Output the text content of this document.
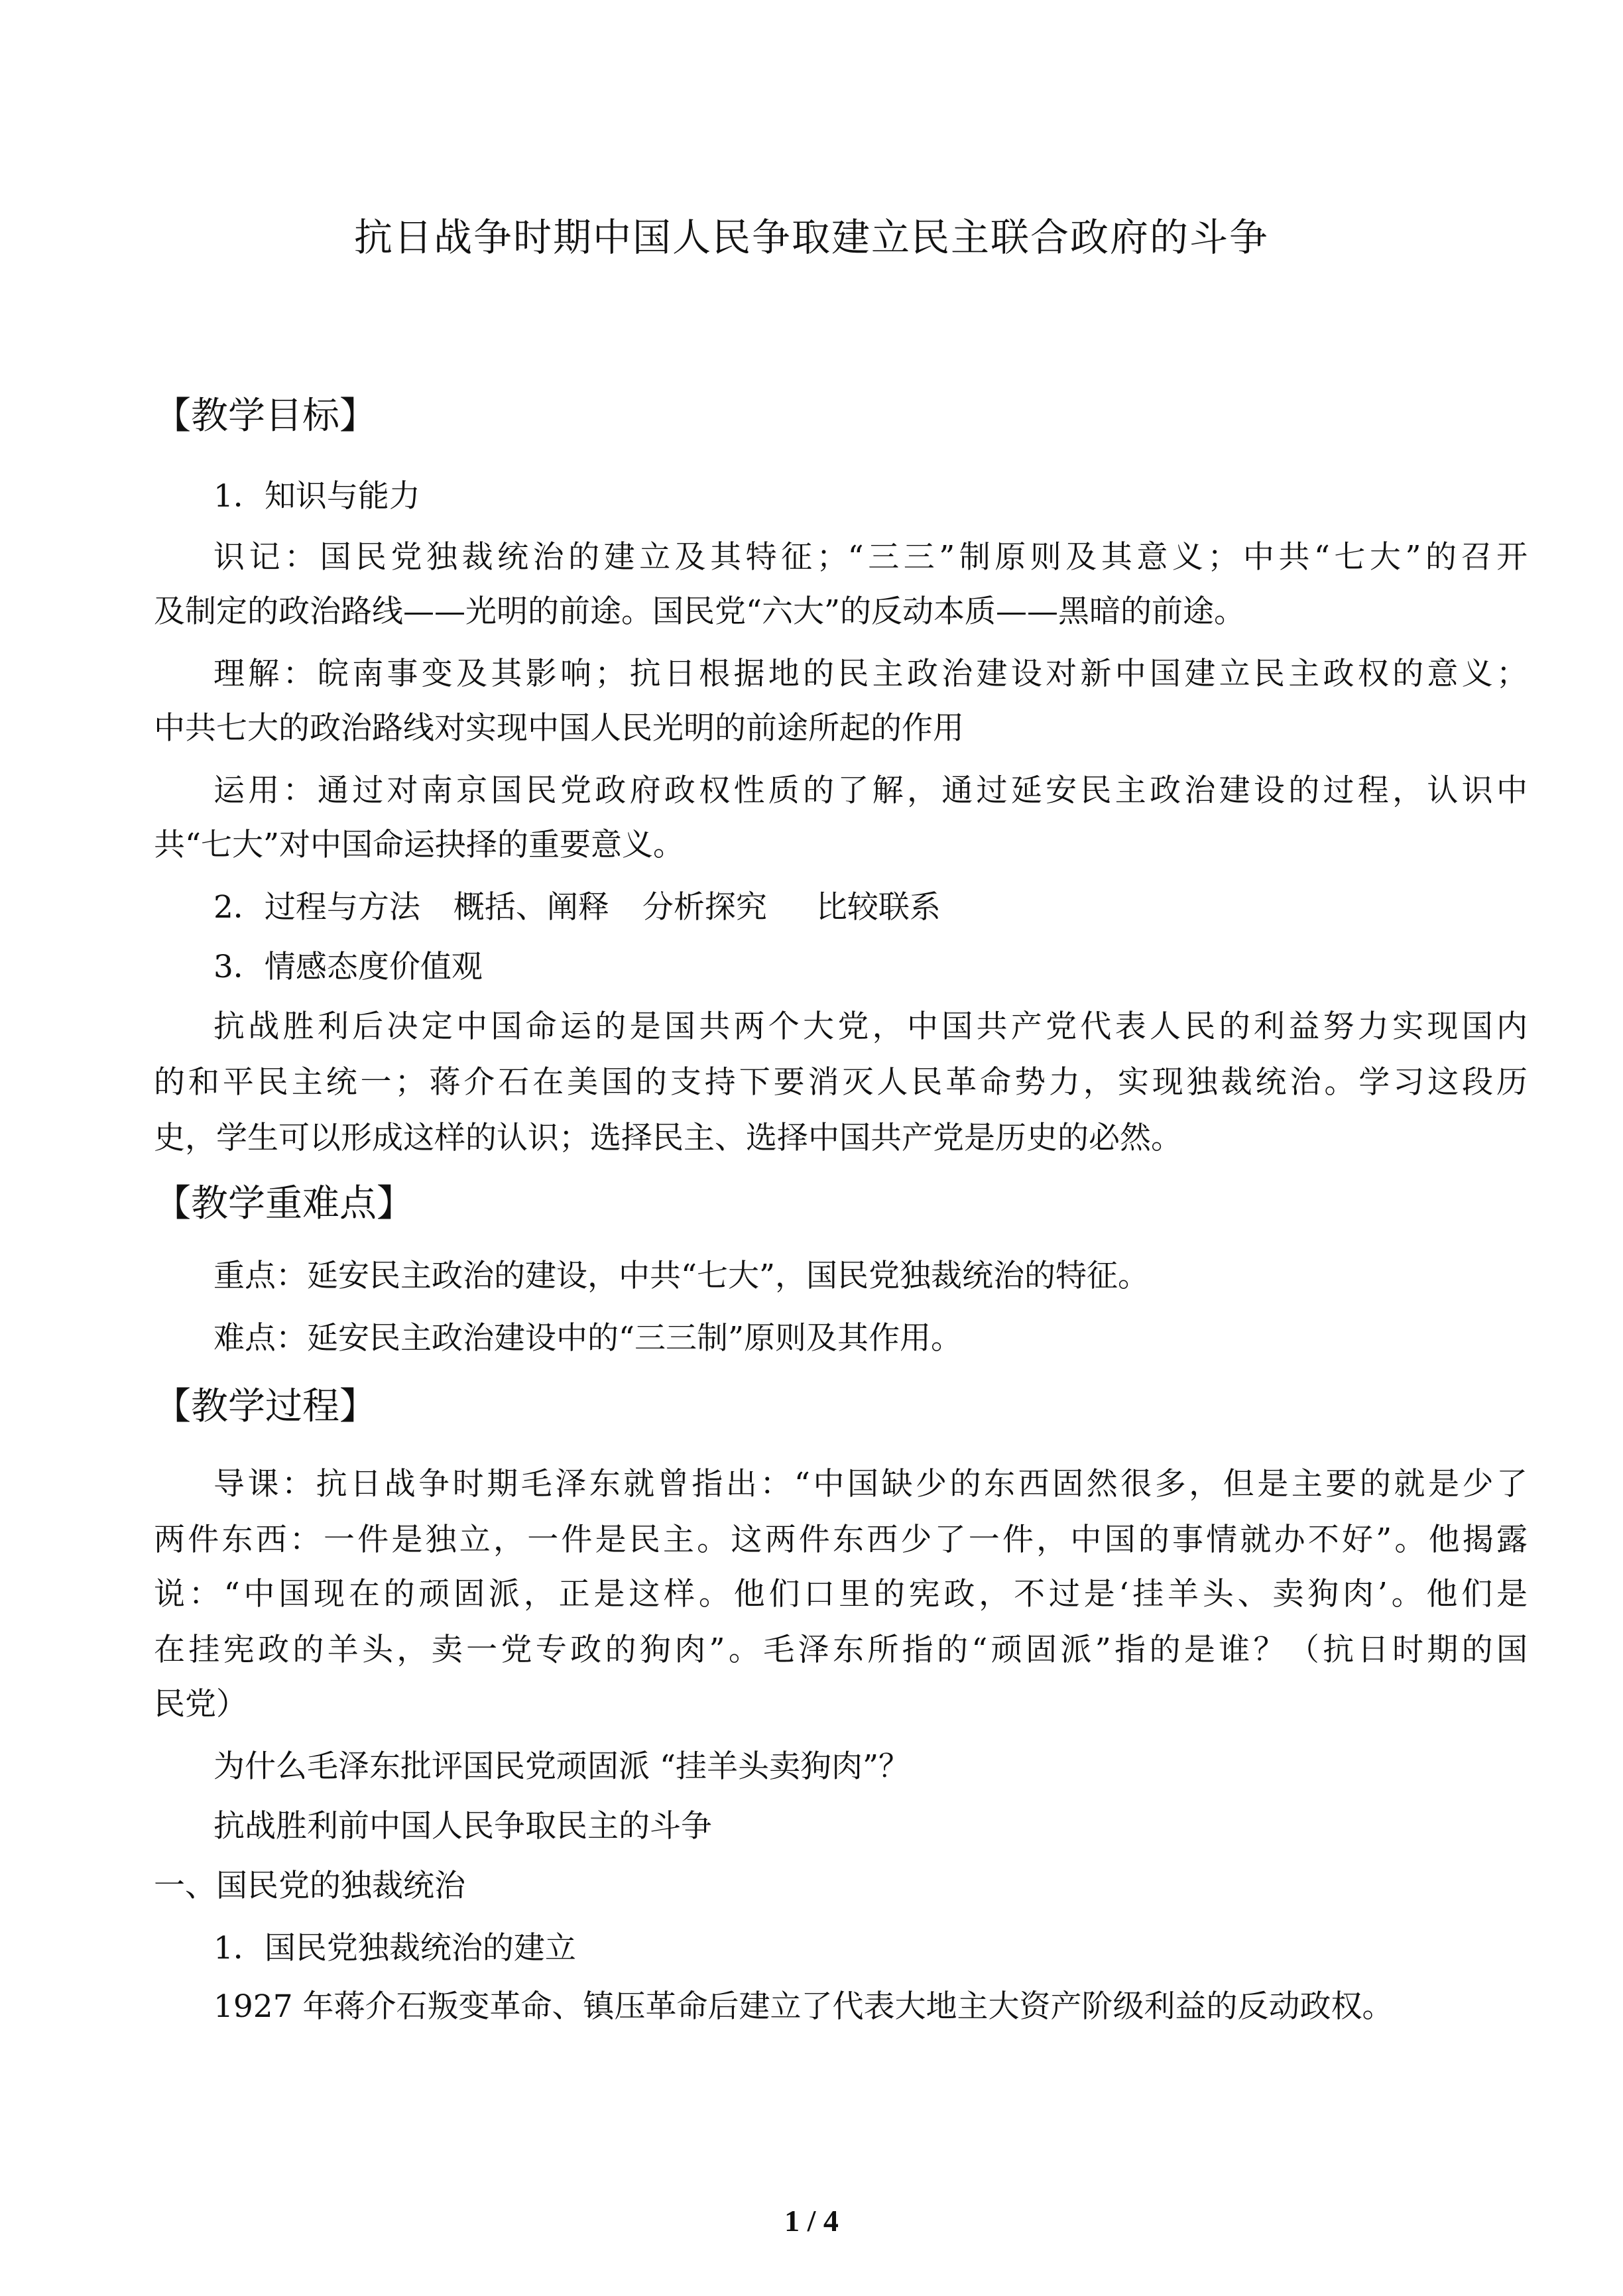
抗日战争时期中国人民争取建立民主联合政府的斗争
【教学目标】
1．知识与能力
识记：国民党独裁统治的建立及其特征；“三三”制原则及其意义；中共“七大”的召开
及制定的政治路线——光明的前途。国民党“六大”的反动本质——黑暗的前途。
理解：皖南事变及其影响；抗日根据地的民主政治建设对新中国建立民主政权的意义；
中共七大的政治路线对实现中国人民光明的前途所起的作用
运用：通过对南京国民党政府政权性质的了解，通过延安民主政治建设的过程，认识中
共“七大”对中国命运抉择的重要意义。
2．过程与方法 概括、阐释 分析探究 比较联系
3．情感态度价值观
抗战胜利后决定中国命运的是国共两个大党，中国共产党代表人民的利益努力实现国内
的和平民主统一；蒋介石在美国的支持下要消灭人民革命势力，实现独裁统治。学习这段历
史，学生可以形成这样的认识；选择民主、选择中国共产党是历史的必然。
【教学重难点】
重点：延安民主政治的建设，中共“七大”，国民党独裁统治的特征。
难点：延安民主政治建设中的“三三制”原则及其作用。
【教学过程】
导课：抗日战争时期毛泽东就曾指出：“中国缺少的东西固然很多，但是主要的就是少了
两件东西：一件是独立，一件是民主。这两件东西少了一件，中国的事情就办不好”。他揭露
说：“中国现在的顽固派，正是这样。他们口里的宪政，不过是‘挂羊头、卖狗肉’。他们是
在挂宪政的羊头，卖一党专政的狗肉”。毛泽东所指的“顽固派”指的是谁？（抗日时期的国
民党）
为什么毛泽东批评国民党顽固派 “挂羊头卖狗肉”？
抗战胜利前中国人民争取民主的斗争
一、国民党的独裁统治
1．国民党独裁统治的建立
1927 年蒋介石叛变革命、镇压革命后建立了代表大地主大资产阶级利益的反动政权。
1 / 4
